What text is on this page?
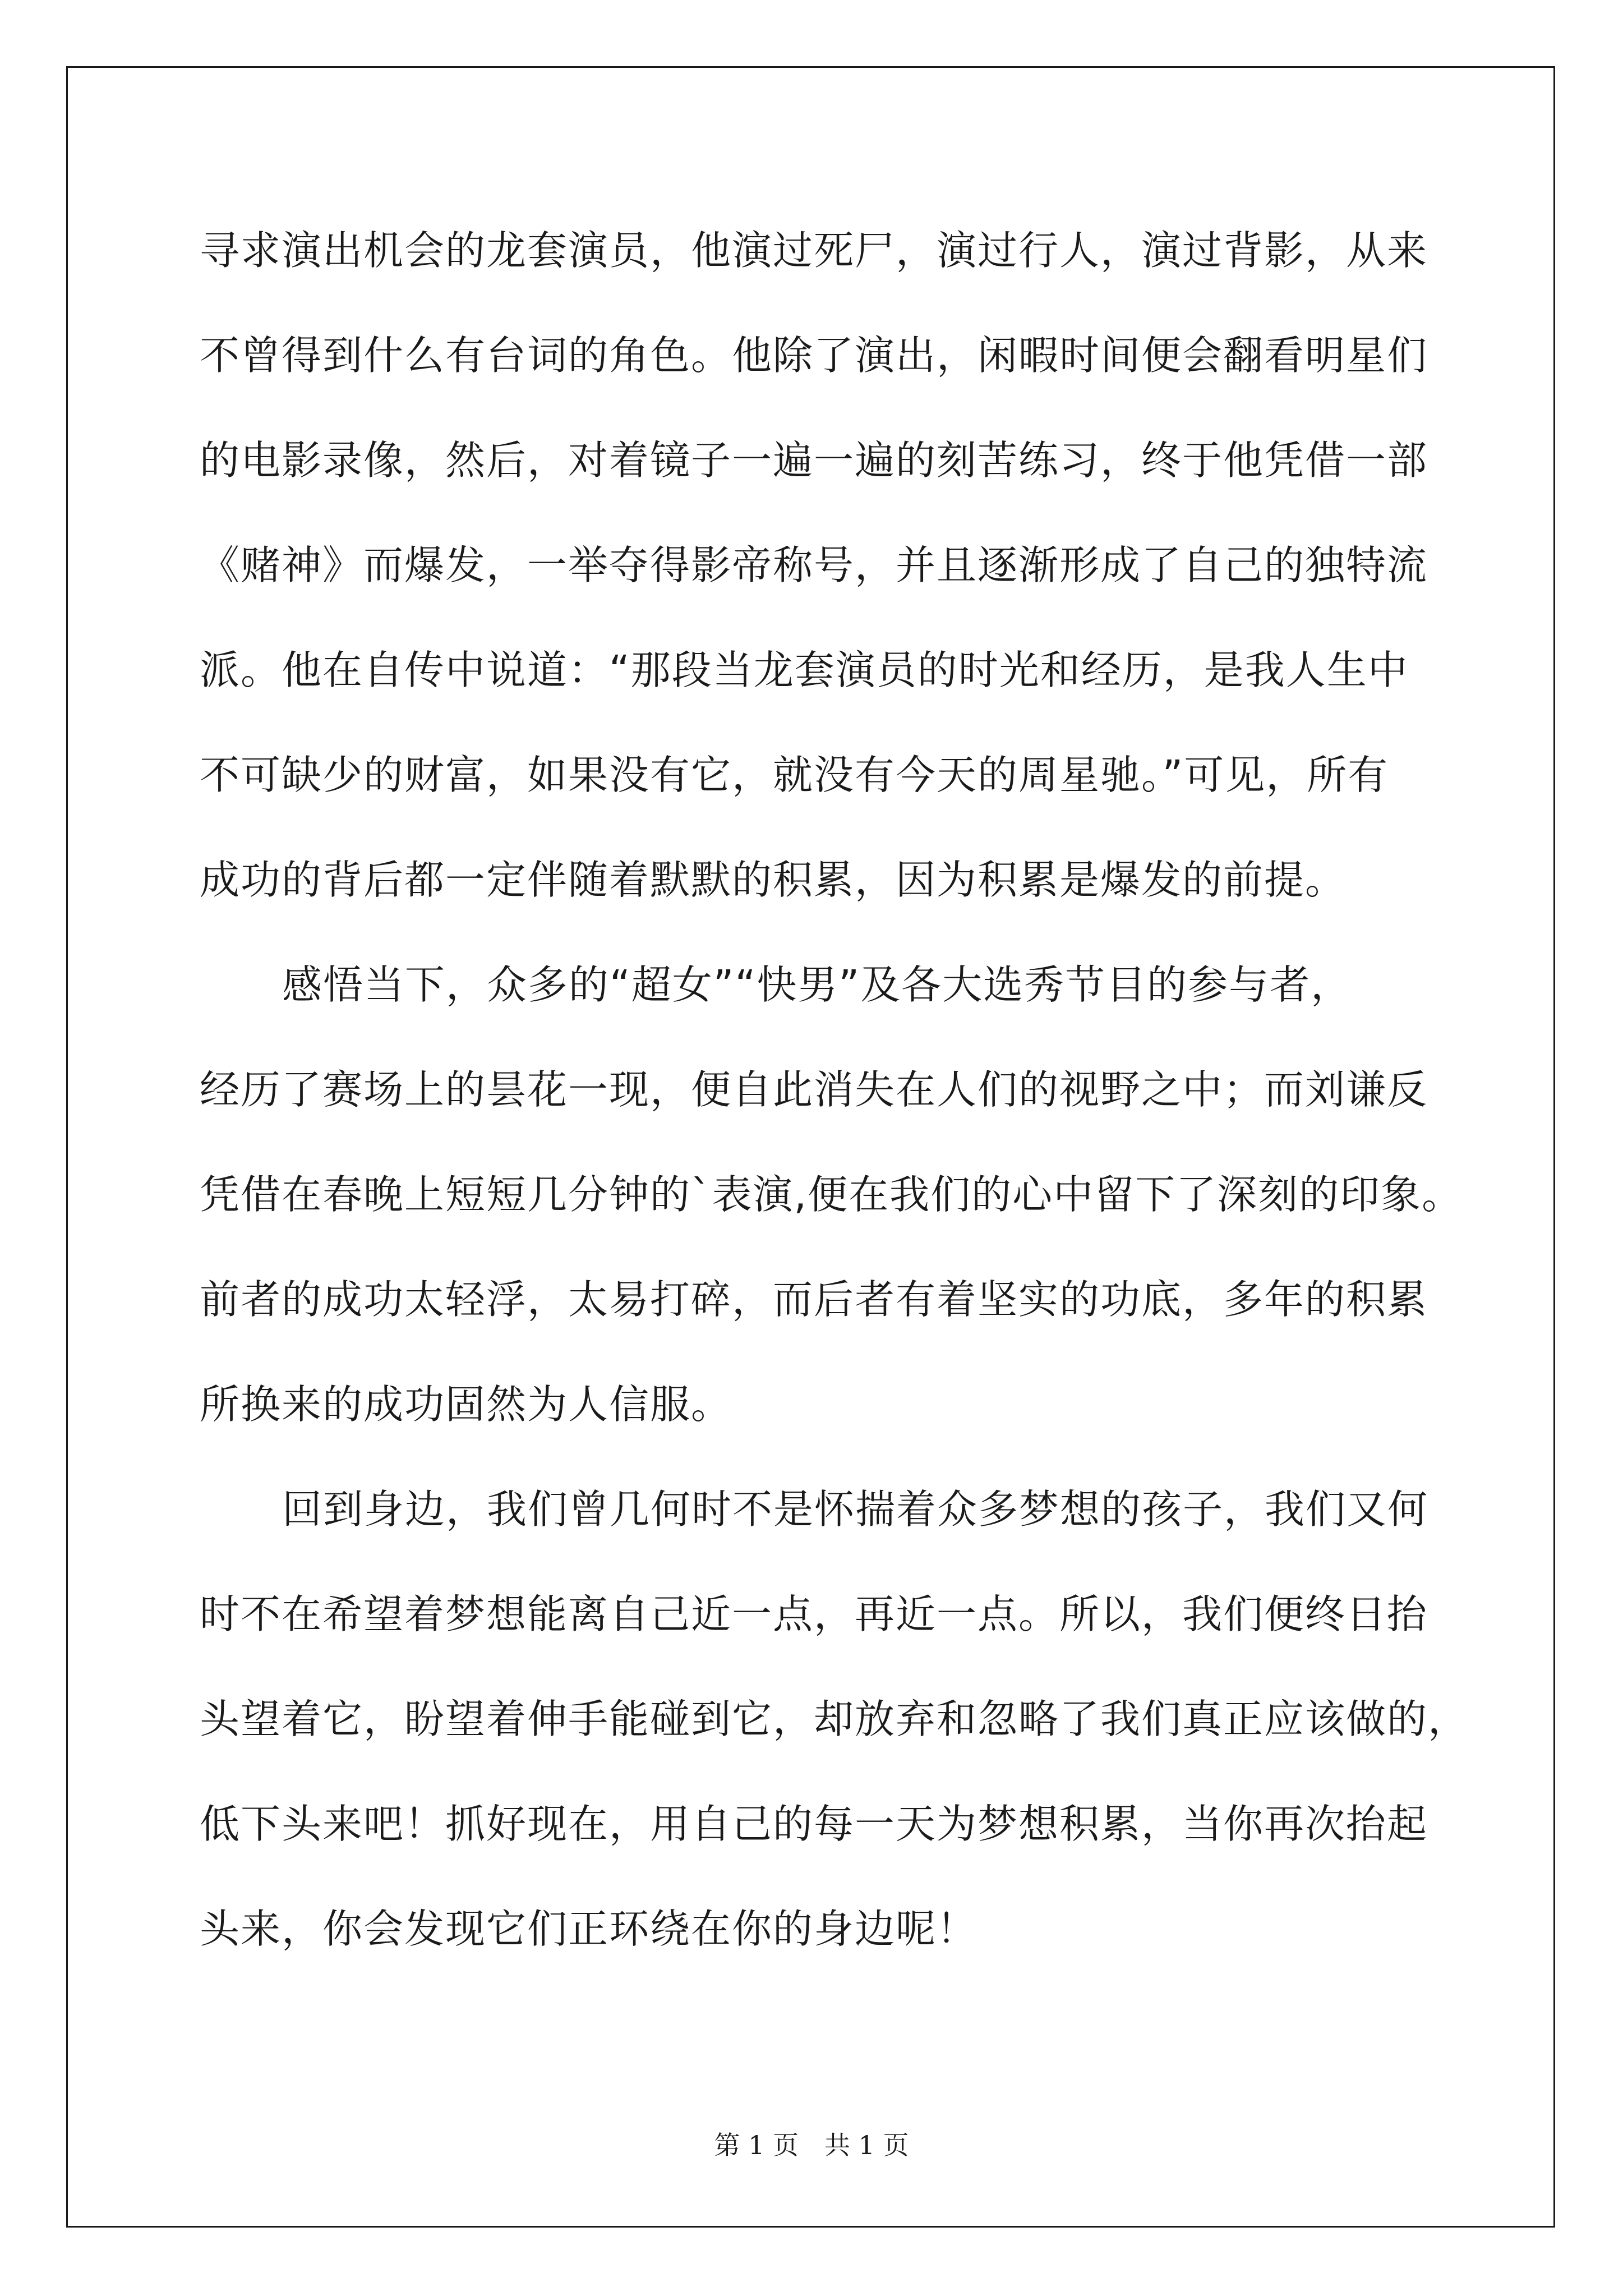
寻求演出机会的龙套演员，他演过死尸，演过行人，演过背影，从来

不曾得到什么有台词的角色。他除了演出，闲暇时间便会翻看明星们

的电影录像，然后，对着镜子一遍一遍的刻苦练习，终于他凭借一部

《赌神》而爆发，一举夺得影帝称号，并且逐渐形成了自己的独特流

派。他在自传中说道：“那段当龙套演员的时光和经历，是我人生中

不可缺少的财富，如果没有它，就没有今天的周星驰。”可见，所有

成功的背后都一定伴随着默默的积累，因为积累是爆发的前提。

感悟当下，众多的“超女”“快男”及各大选秀节目的参与者，

经历了赛场上的昙花一现，便自此消失在人们的视野之中；而刘谦反

凭借在春晚上短短几分钟的`表演,便在我们的心中留下了深刻的印象。

前者的成功太轻浮，太易打碎，而后者有着坚实的功底，多年的积累

所换来的成功固然为人信服。

回到身边，我们曾几何时不是怀揣着众多梦想的孩子，我们又何

时不在希望着梦想能离自己近一点，再近一点。所以，我们便终日抬

头望着它，盼望着伸手能碰到它，却放弃和忽略了我们真正应该做的，

低下头来吧！抓好现在，用自己的每一天为梦想积累，当你再次抬起

头来，你会发现它们正环绕在你的身边呢！

第 1 页　共 1 页
